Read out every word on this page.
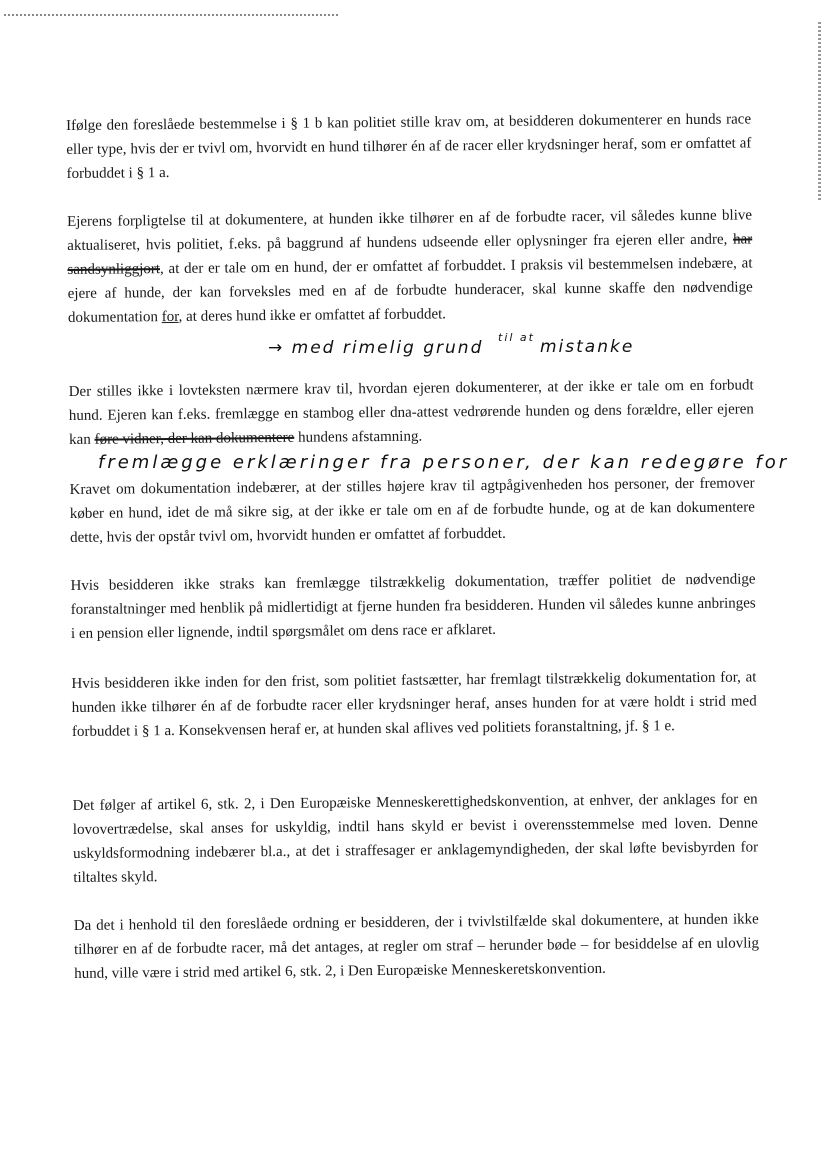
Ifølge den foreslåede bestemmelse i § 1 b kan politiet stille krav om, at besidderen dokumenterer en hunds race eller type, hvis der er tvivl om, hvorvidt en hund tilhører én af de racer eller krydsninger heraf, som er omfattet af forbuddet i § 1 a.

Ejerens forpligtelse til at dokumentere, at hunden ikke tilhører en af de forbudte racer, vil således kunne blive aktualiseret, hvis politiet, f.eks. på baggrund af hundens udseende eller oplysninger fra ejeren eller andre, har sandsynliggjort, at der er tale om en hund, der er omfattet af forbuddet. I praksis vil bestemmelsen indebære, at ejere af hunde, der kan forveksles med en af de forbudte hunderacer, skal kunne skaffe den nødvendige dokumentation for, at deres hund ikke er omfattet af forbuddet.

Der stilles ikke i lovteksten nærmere krav til, hvordan ejeren dokumenterer, at der ikke er tale om en forbudt hund. Ejeren kan f.eks. fremlægge en stambog eller dna-attest vedrørende hunden og dens forældre, eller ejeren kan føre vidner, der kan dokumentere hundens afstamning.

Kravet om dokumentation indebærer, at der stilles højere krav til agtpågivenheden hos personer, der fremover køber en hund, idet de må sikre sig, at der ikke er tale om en af de forbudte hunde, og at de kan dokumentere dette, hvis der opstår tvivl om, hvorvidt hunden er omfattet af forbuddet.

Hvis besidderen ikke straks kan fremlægge tilstrækkelig dokumentation, træffer politiet de nødvendige foranstaltninger med henblik på midlertidigt at fjerne hunden fra besidderen. Hunden vil således kunne anbringes i en pension eller lignende, indtil spørgsmålet om dens race er afklaret.

Hvis besidderen ikke inden for den frist, som politiet fastsætter, har fremlagt tilstrækkelig dokumentation for, at hunden ikke tilhører én af de forbudte racer eller krydsninger heraf, anses hunden for at være holdt i strid med forbuddet i § 1 a. Konsekvensen heraf er, at hunden skal aflives ved politiets foranstaltning, jf. § 1 e.

Det følger af artikel 6, stk. 2, i Den Europæiske Menneskerettighedskonvention, at enhver, der anklages for en lovovertrædelse, skal anses for uskyldig, indtil hans skyld er bevist i overensstemmelse med loven. Denne uskyldsformodning indebærer bl.a., at det i straffesager er anklagemyndigheden, der skal løfte bevisbyrden for tiltaltes skyld.

Da det i henhold til den foreslåede ordning er besidderen, der i tvivlstilfælde skal dokumentere, at hunden ikke tilhører en af de forbudte racer, må det antages, at regler om straf – herunder bøde – for besiddelse af en ulovlig hund, ville være i strid med artikel 6, stk. 2, i Den Europæiske Menneskeretskonvention.

→ med rimelig grund
til at mistanke
fremlægge erklæringer fra personer, der kan redegøre for
